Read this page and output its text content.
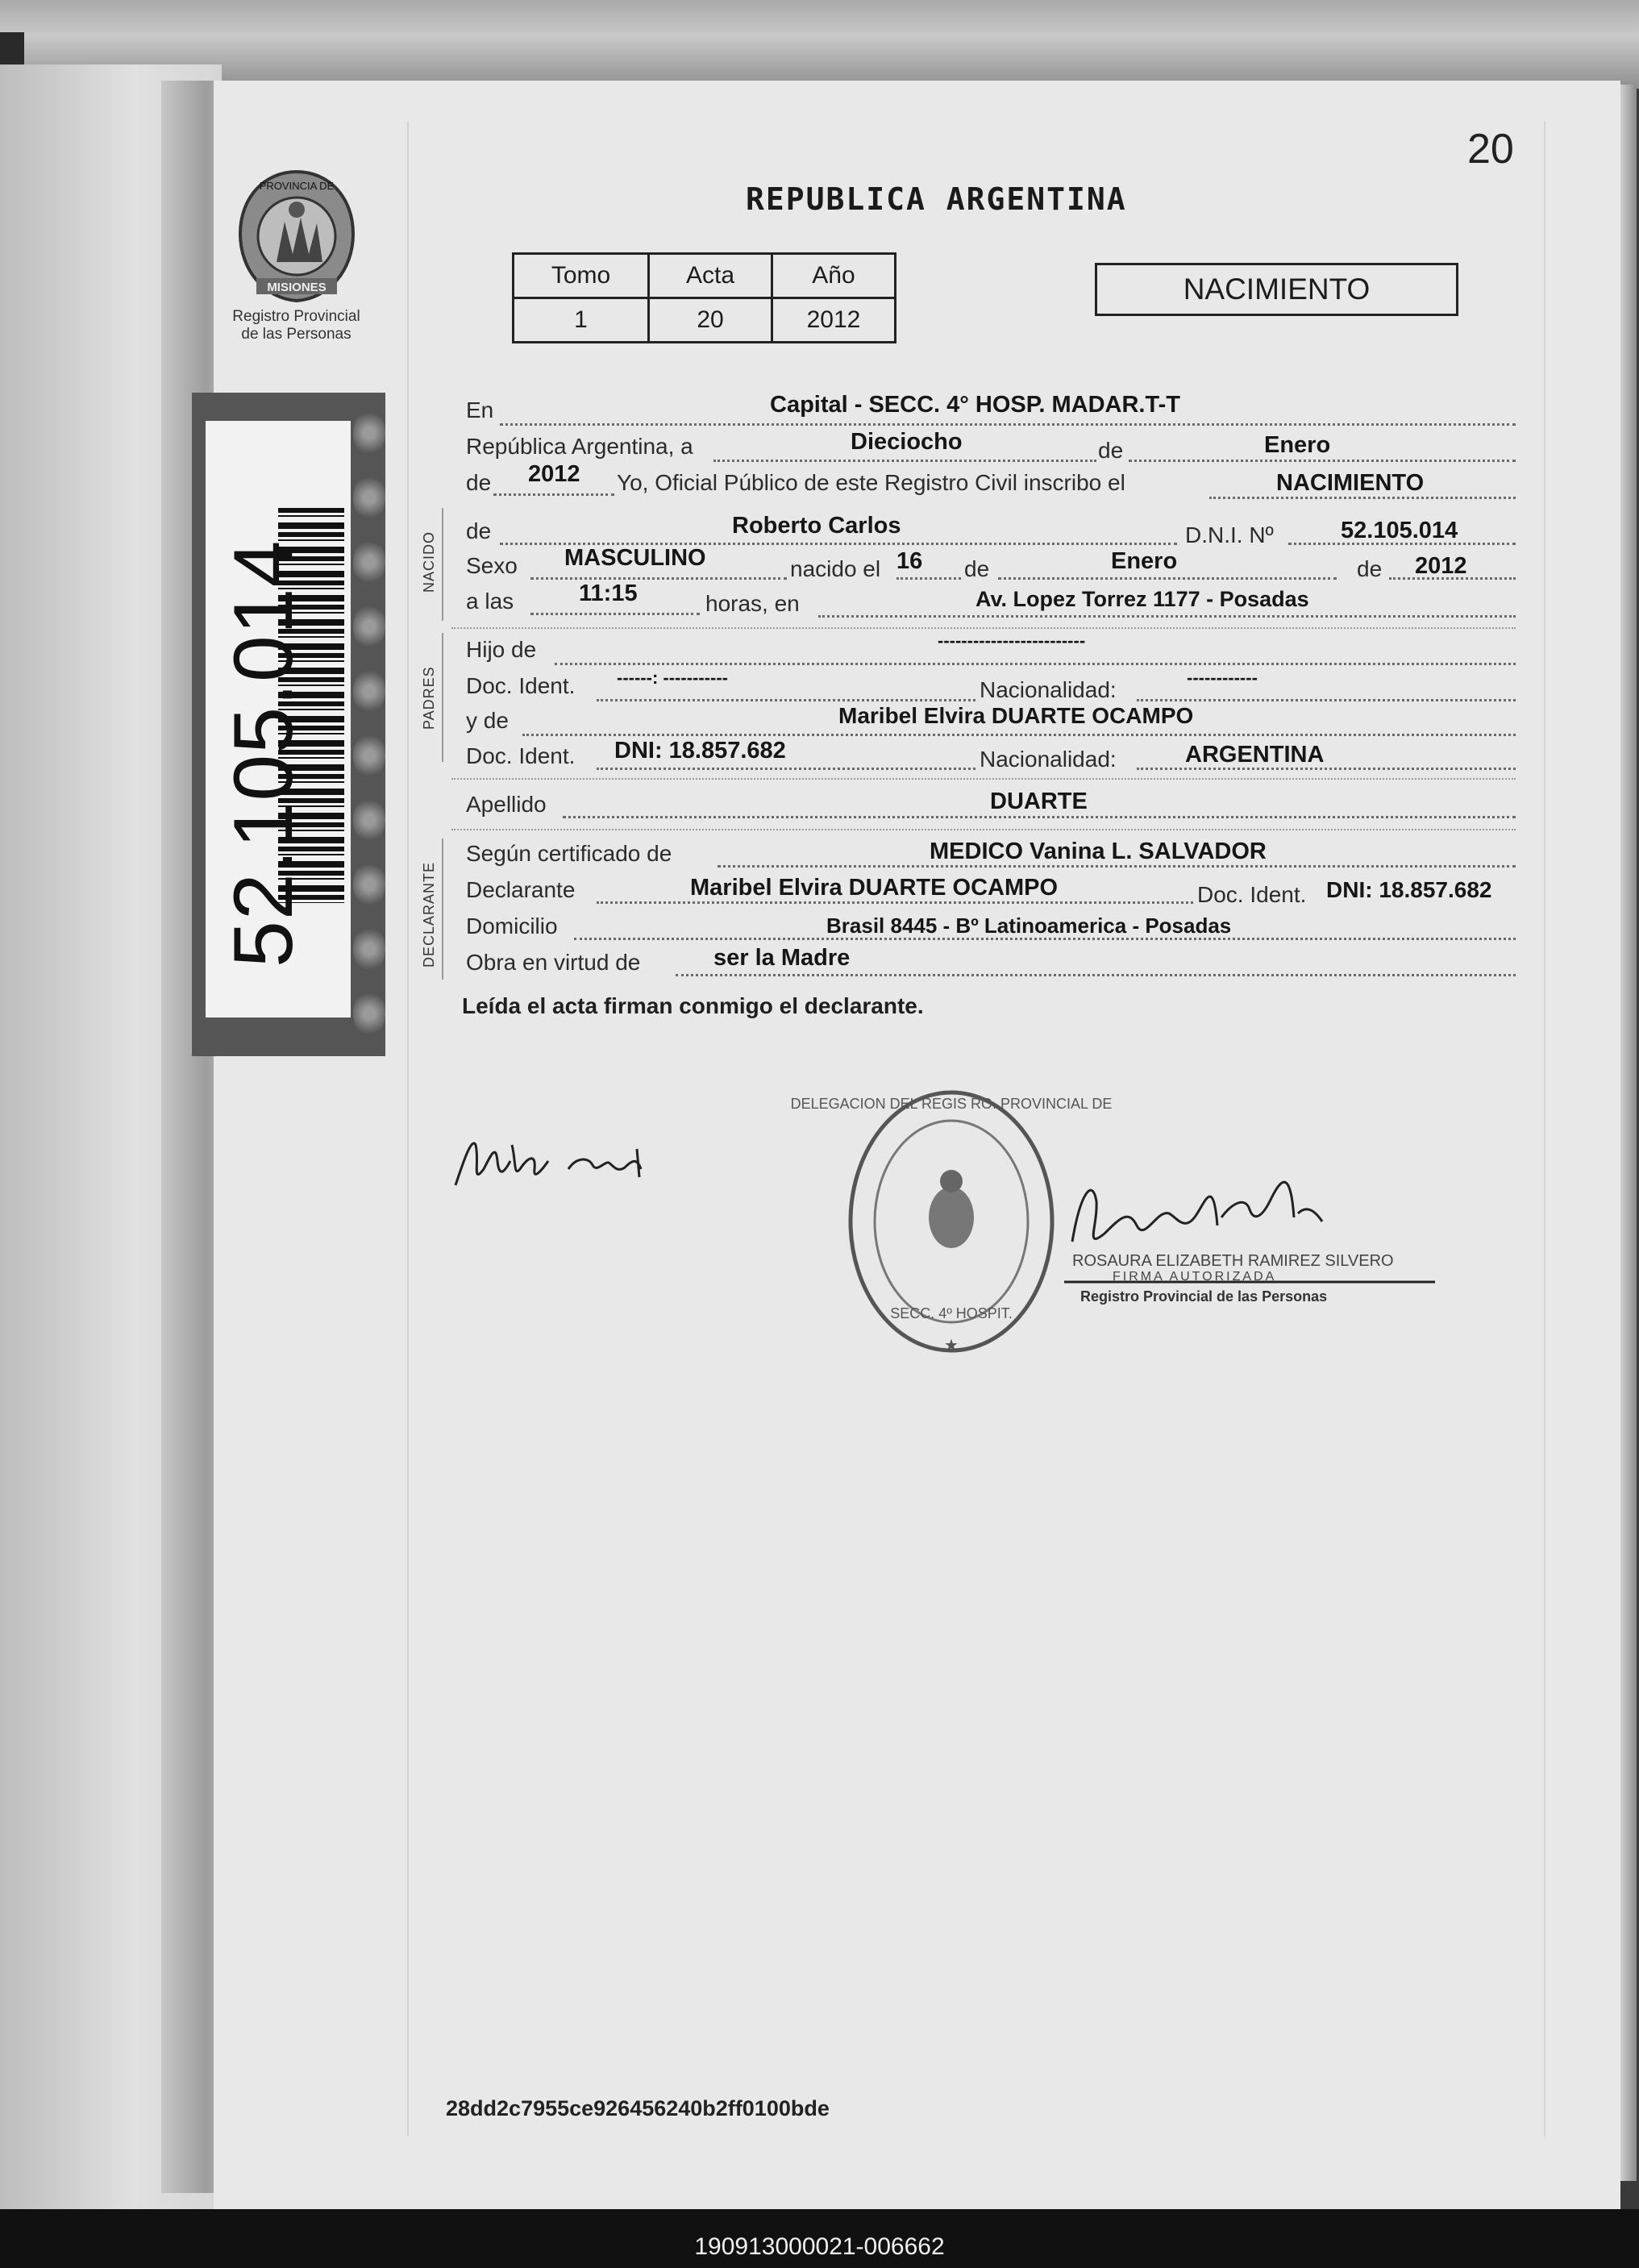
20
REPUBLICA ARGENTINA
PROVINCIA DE
MISIONES
Registro Provincial
de las Personas
Tomo	Acta	Año
1	20	2012
NACIMIENTO
52.105.014	NACIDO
PADRES
DECLARANTE
En	Capital - SECC. 4° HOSP. MADAR.T-T
República Argentina, a	Dieciocho	de	Enero
de 2012 Yo, Oficial Público de este Registro Civil inscribo el	NACIMIENTO
de	Roberto Carlos	D.N.I. Nº	52.105.014
Sexo MASCULINO	nacido el 16 de	Enero	de 2012
a las	11:15	horas, en	Av. Lopez Torrez 1177 - Posadas
Hijo de	-------------------------
Doc. Ident. ------: -----------	Nacionalidad:	------------
y de	Maribel Elvira DUARTE OCAMPO
Doc. Ident. DNI: 18.857.682	Nacionalidad:	ARGENTINA
Apellido	DUARTE
Según certificado de	MEDICO Vanina L. SALVADOR
Declarante	Maribel Elvira DUARTE OCAMPO	Doc. Ident. DNI: 18.857.682
Domicilio	Brasil 8445 - Bº Latinoamerica - Posadas
Obra en virtud de	ser la Madre
Leída el acta firman conmigo el declarante.
DELEGACION DEL REGIS RO. PROVINCIAL DE
SECC. 4º HOSPIT.
★
ROSAURA ELIZABETH RAMIREZ SILVERO
FIRMA AUTORIZADA
Registro Provincial de las Personas
28dd2c7955ce926456240b2ff0100bde
190913000021-006662
